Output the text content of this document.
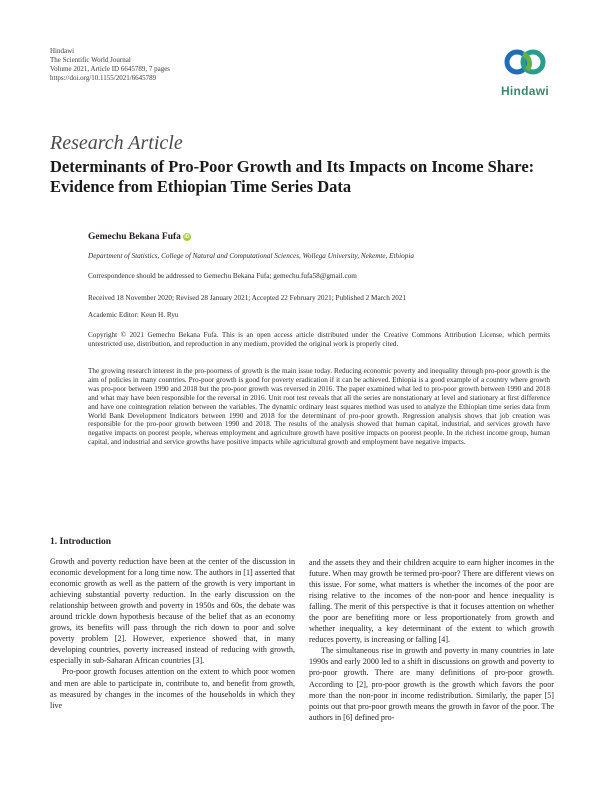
Hindawi
The Scientific World Journal
Volume 2021, Article ID 6645789, 7 pages
https://doi.org/10.1155/2021/6645789
Hindawi
Research Article
Determinants of Pro-Poor Growth and Its Impacts on Income Share: Evidence from Ethiopian Time Series Data
Gemechu Bekana Fufa iD
Department of Statistics, College of Natural and Computational Sciences, Wollega University, Nekemte, Ethiopia
Correspondence should be addressed to Gemechu Bekana Fufa; gemechu.fufa58@gmail.com
Received 18 November 2020; Revised 28 January 2021; Accepted 22 February 2021; Published 2 March 2021
Academic Editor: Keun H. Ryu
Copyright © 2021 Gemechu Bekana Fufa. This is an open access article distributed under the Creative Commons Attribution License, which permits unrestricted use, distribution, and reproduction in any medium, provided the original work is properly cited.
The growing research interest in the pro-poorness of growth is the main issue today. Reducing economic poverty and inequality through pro-poor growth is the aim of policies in many countries. Pro-poor growth is good for poverty eradication if it can be achieved. Ethiopia is a good example of a country where growth was pro-poor between 1990 and 2018 but the pro-poor growth was reversed in 2016. The paper examined what led to pro-poor growth between 1990 and 2018 and what may have been responsible for the reversal in 2016. Unit root test reveals that all the series are nonstationary at level and stationary at first difference and have one cointegration relation between the variables. The dynamic ordinary least squares method was used to analyze the Ethiopian time series data from World Bank Development Indicators between 1990 and 2018 for the determinant of pro-poor growth. Regression analysis shows that job creation was responsible for the pro-poor growth between 1990 and 2018. The results of the analysis showed that human capital, industrial, and services growth have negative impacts on poorest people, whereas employment and agriculture growth have positive impacts on poorest people. In the richest income group, human capital, and industrial and service growths have positive impacts while agricultural growth and employment have negative impacts.
1. Introduction

Growth and poverty reduction have been at the center of the discussion in economic development for a long time now. The authors in [1] asserted that economic growth as well as the pattern of the growth is very important in achieving substantial poverty reduction. In the early discussion on the relationship between growth and poverty in 1950s and 60s, the debate was around trickle down hypothesis because of the belief that as an economy grows, its benefits will pass through the rich down to poor and solve poverty problem [2]. However, experience showed that, in many developing countries, poverty increased instead of reducing with growth, especially in sub-Saharan African countries [3].

Pro-poor growth focuses attention on the extent to which poor women and men are able to participate in, contribute to, and benefit from growth, as measured by changes in the incomes of the households in which they live

and the assets they and their children acquire to earn higher incomes in the future. When may growth be termed pro-poor? There are different views on this issue. For some, what matters is whether the incomes of the poor are rising relative to the incomes of the non-poor and hence inequality is falling. The merit of this perspective is that it focuses attention on whether the poor are benefiting more or less proportionately from growth and whether inequality, a key determinant of the extent to which growth reduces poverty, is increasing or falling [4].

The simultaneous rise in growth and poverty in many countries in late 1990s and early 2000 led to a shift in discussions on growth and poverty to pro-poor growth. There are many definitions of pro-poor growth. According to [2], pro-poor growth is the growth which favors the poor more than the non-poor in income redistribution. Similarly, the paper [5] points out that pro-poor growth means the growth in favor of the poor. The authors in [6] defined pro-
